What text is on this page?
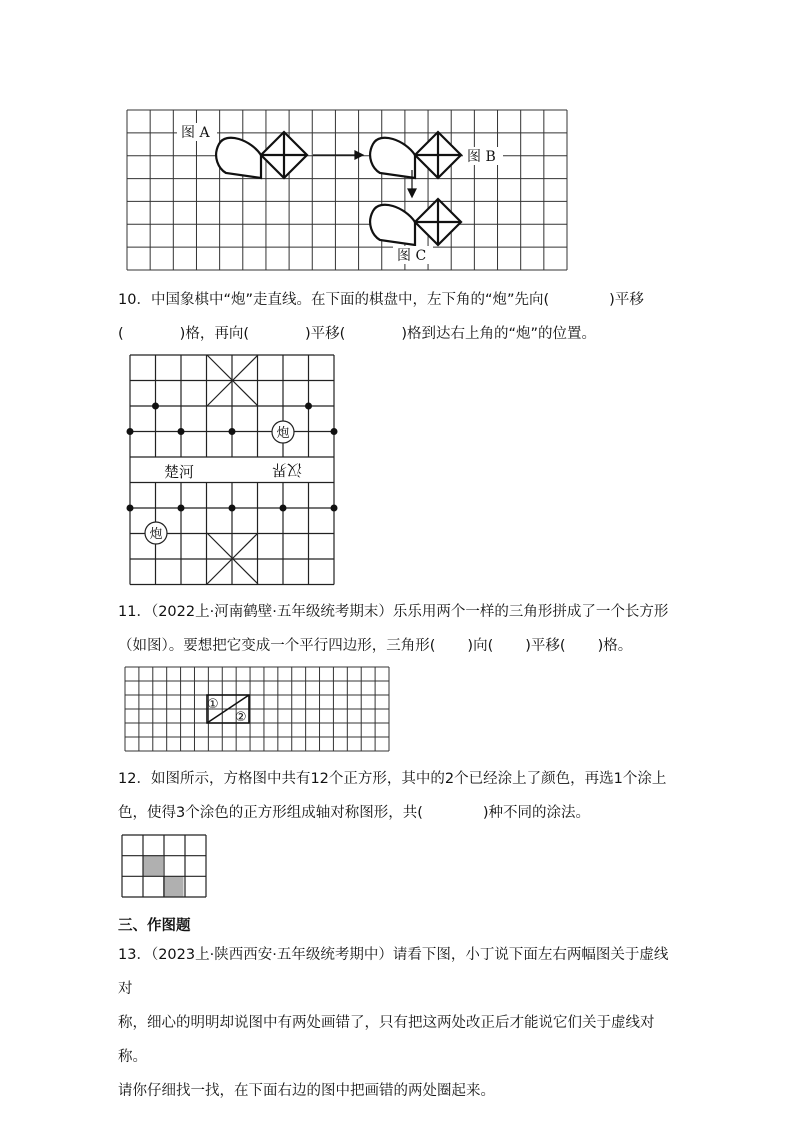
图 A
图 B
图 C
10．中国象棋中“炮”走直线。在下面的棋盘中，左下角的“炮”先向(	)平移
(	)格，再向(	)平移(	)格到达右上角的“炮”的位置。
楚河	汉界
炮
炮
11．（2022上·河南鹤壁·五年级统考期末）乐乐用两个一样的三角形拼成了一个长方形
（如图）。要想把它变成一个平行四边形，三角形( )向( )平移( )格。
①
②
12．如图所示，方格图中共有12个正方形，其中的2个已经涂上了颜色，再选1个涂上
色，使得3个涂色的正方形组成轴对称图形，共(	)种不同的涂法。
三、作图题
13．（2023上·陕西西安·五年级统考期中）请看下图，小丁说下面左右两幅图关于虚线对
称，细心的明明却说图中有两处画错了，只有把这两处改正后才能说它们关于虚线对称。
请你仔细找一找，在下面右边的图中把画错的两处圈起来。
